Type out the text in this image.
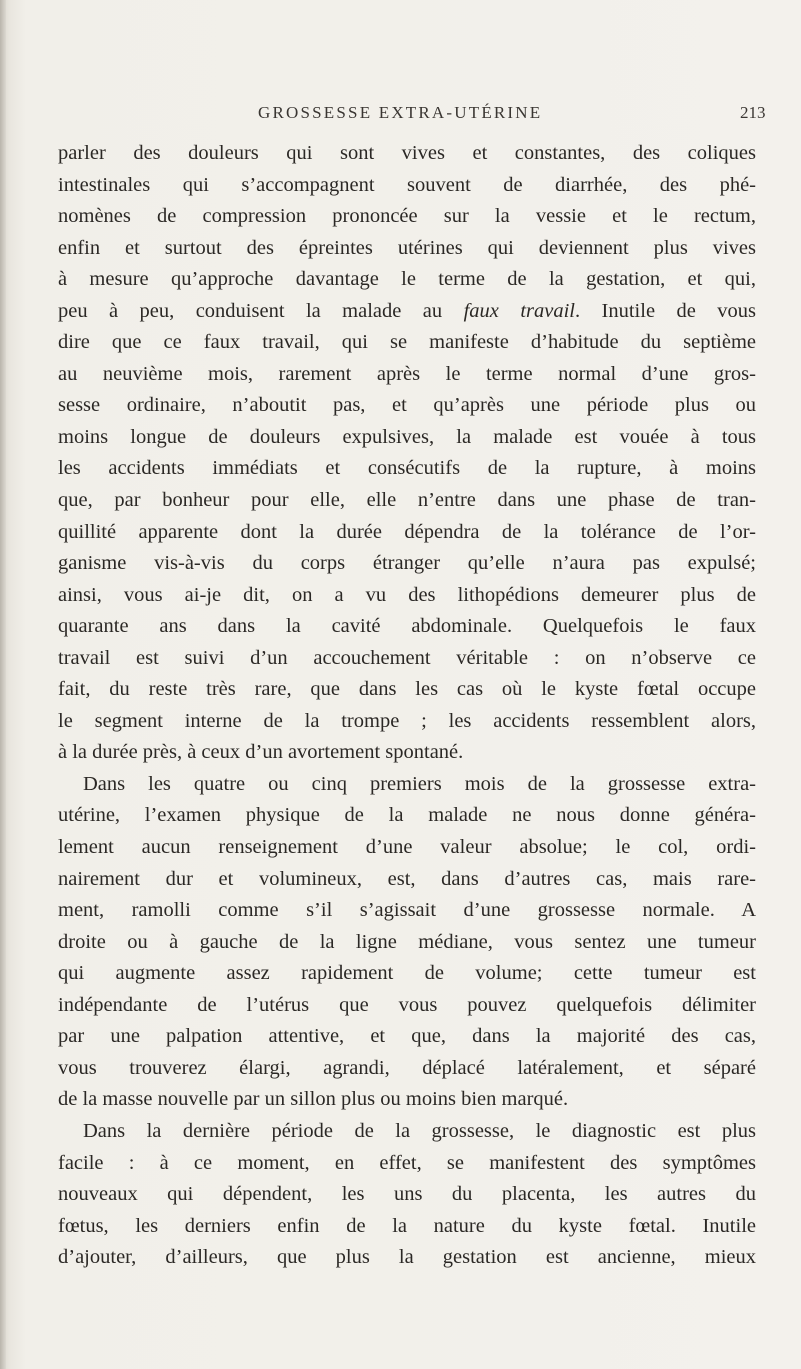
GROSSESSE EXTRA-UTÉRINE	213
parler des douleurs qui sont vives et constantes, des coliques
intestinales qui s’accompagnent souvent de diarrhée, des phé-
nomènes de compression prononcée sur la vessie et le rectum,
enfin et surtout des épreintes utérines qui deviennent plus vives
à mesure qu’approche davantage le terme de la gestation, et qui,
peu à peu, conduisent la malade au faux travail. Inutile de vous
dire que ce faux travail, qui se manifeste d’habitude du septième
au neuvième mois, rarement après le terme normal d’une gros-
sesse ordinaire, n’aboutit pas, et qu’après une période plus ou
moins longue de douleurs expulsives, la malade est vouée à tous
les accidents immédiats et consécutifs de la rupture, à moins
que, par bonheur pour elle, elle n’entre dans une phase de tran-
quillité apparente dont la durée dépendra de la tolérance de l’or-
ganisme vis-à-vis du corps étranger qu’elle n’aura pas expulsé;
ainsi, vous ai-je dit, on a vu des lithopédions demeurer plus de
quarante ans dans la cavité abdominale. Quelquefois le faux
travail est suivi d’un accouchement véritable : on n’observe ce
fait, du reste très rare, que dans les cas où le kyste fœtal occupe
le segment interne de la trompe ; les accidents ressemblent alors,
à la durée près, à ceux d’un avortement spontané.
Dans les quatre ou cinq premiers mois de la grossesse extra-
utérine, l’examen physique de la malade ne nous donne généra-
lement aucun renseignement d’une valeur absolue; le col, ordi-
nairement dur et volumineux, est, dans d’autres cas, mais rare-
ment, ramolli comme s’il s’agissait d’une grossesse normale. A
droite ou à gauche de la ligne médiane, vous sentez une tumeur
qui augmente assez rapidement de volume; cette tumeur est
indépendante de l’utérus que vous pouvez quelquefois délimiter
par une palpation attentive, et que, dans la majorité des cas,
vous trouverez élargi, agrandi, déplacé latéralement, et séparé
de la masse nouvelle par un sillon plus ou moins bien marqué.
Dans la dernière période de la grossesse, le diagnostic est plus
facile : à ce moment, en effet, se manifestent des symptômes
nouveaux qui dépendent, les uns du placenta, les autres du
fœtus, les derniers enfin de la nature du kyste fœtal. Inutile
d’ajouter, d’ailleurs, que plus la gestation est ancienne, mieux
